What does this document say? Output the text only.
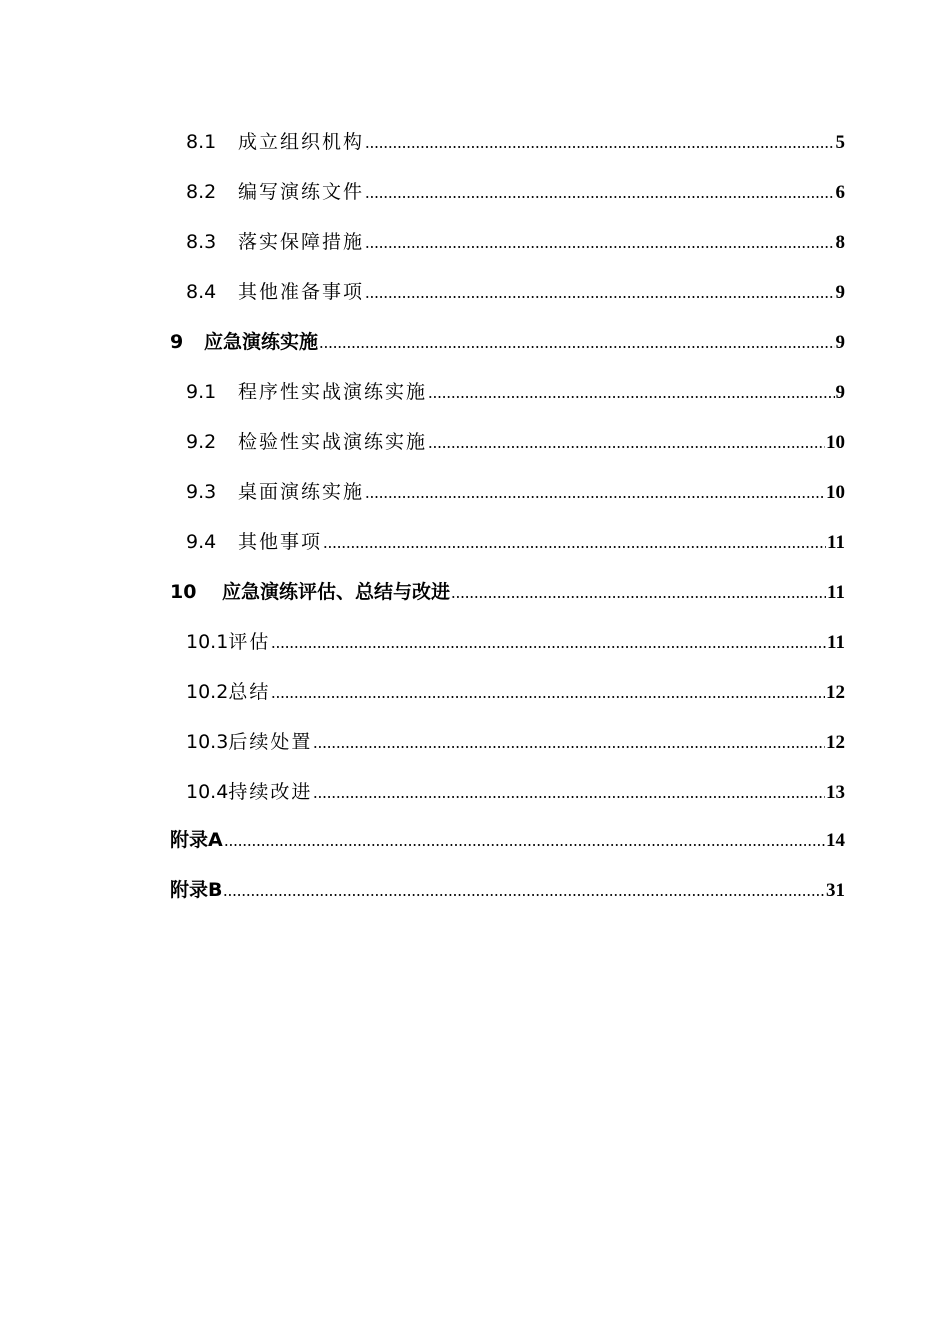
8.1	成立组织机构	5
8.2	编写演练文件	6
8.3	落实保障措施	8
8.4	其他准备事项	9
9	应急演练实施	9
9.1	程序性实战演练实施	9
9.2	检验性实战演练实施	10
9.3	桌面演练实施	10
9.4	其他事项	11
10	应急演练评估、总结与改进	11
10.1 评估	11
10.2 总结	12
10.3 后续处置	12
10.4 持续改进	13
附录A	14
附录B	31
